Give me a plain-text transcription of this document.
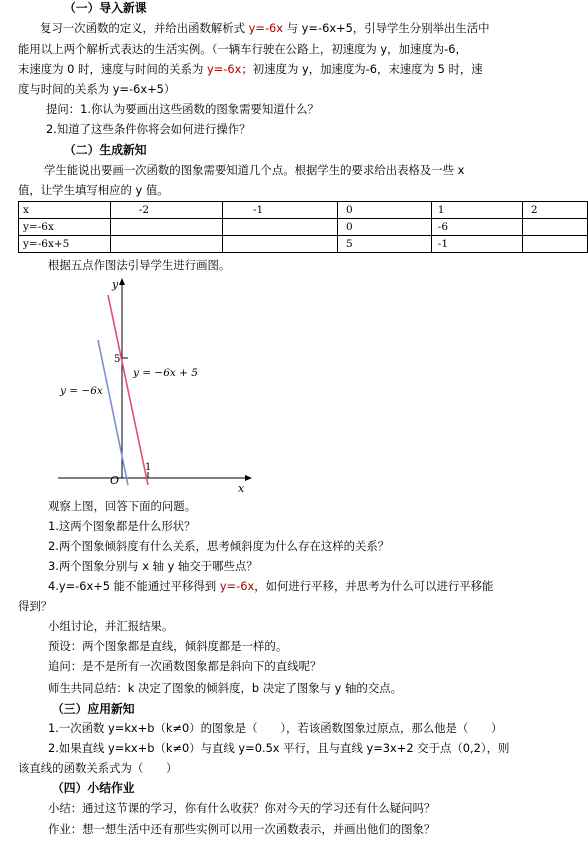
（一）导入新课
复习一次函数的定义，并给出函数解析式 y=-6x 与 y=-6x+5，引导学生分别举出生活中
能用以上两个解析式表达的生活实例。（一辆车行驶在公路上，初速度为 y，加速度为-6，
末速度为 0 时，速度与时间的关系为 y=-6x；初速度为 y，加速度为-6，末速度为 5 时，速
度与时间的关系为 y=-6x+5）
提问：1.你认为要画出这些函数的图象需要知道什么？
2.知道了这些条件你将会如何进行操作？
（二）生成新知
学生能说出要画一次函数的图象需要知道几个点。根据学生的要求给出表格及一些 x
值，让学生填写相应的 y 值。
x	-2	-1	0	1	2
y=-6x			0	-6	
y=-6x+5			5	-1	
根据五点作图法引导学生进行画图。
y
x
O
5
1
y = −6x
y = −6x + 5
观察上图，回答下面的问题。
1.这两个图象都是什么形状？
2.两个图象倾斜度有什么关系，思考倾斜度为什么存在这样的关系？
3.两个图象分别与 x 轴 y 轴交于哪些点？
4.y=-6x+5 能不能通过平移得到 y=-6x，如何进行平移，并思考为什么可以进行平移能
得到？
小组讨论，并汇报结果。
预设：两个图象都是直线，倾斜度都是一样的。
追问：是不是所有一次函数图象都是斜向下的直线呢？
师生共同总结：k 决定了图象的倾斜度，b 决定了图象与 y 轴的交点。
（三）应用新知
1.一次函数 y=kx+b（k≠0）的图象是（　　），若该函数图象过原点，那么他是（　　）
2.如果直线 y=kx+b（k≠0）与直线 y=0.5x 平行，且与直线 y=3x+2 交于点（0,2），则
该直线的函数关系式为（　　）
（四）小结作业
小结：通过这节课的学习，你有什么收获？你对今天的学习还有什么疑问吗？
作业：想一想生活中还有那些实例可以用一次函数表示，并画出他们的图象？
